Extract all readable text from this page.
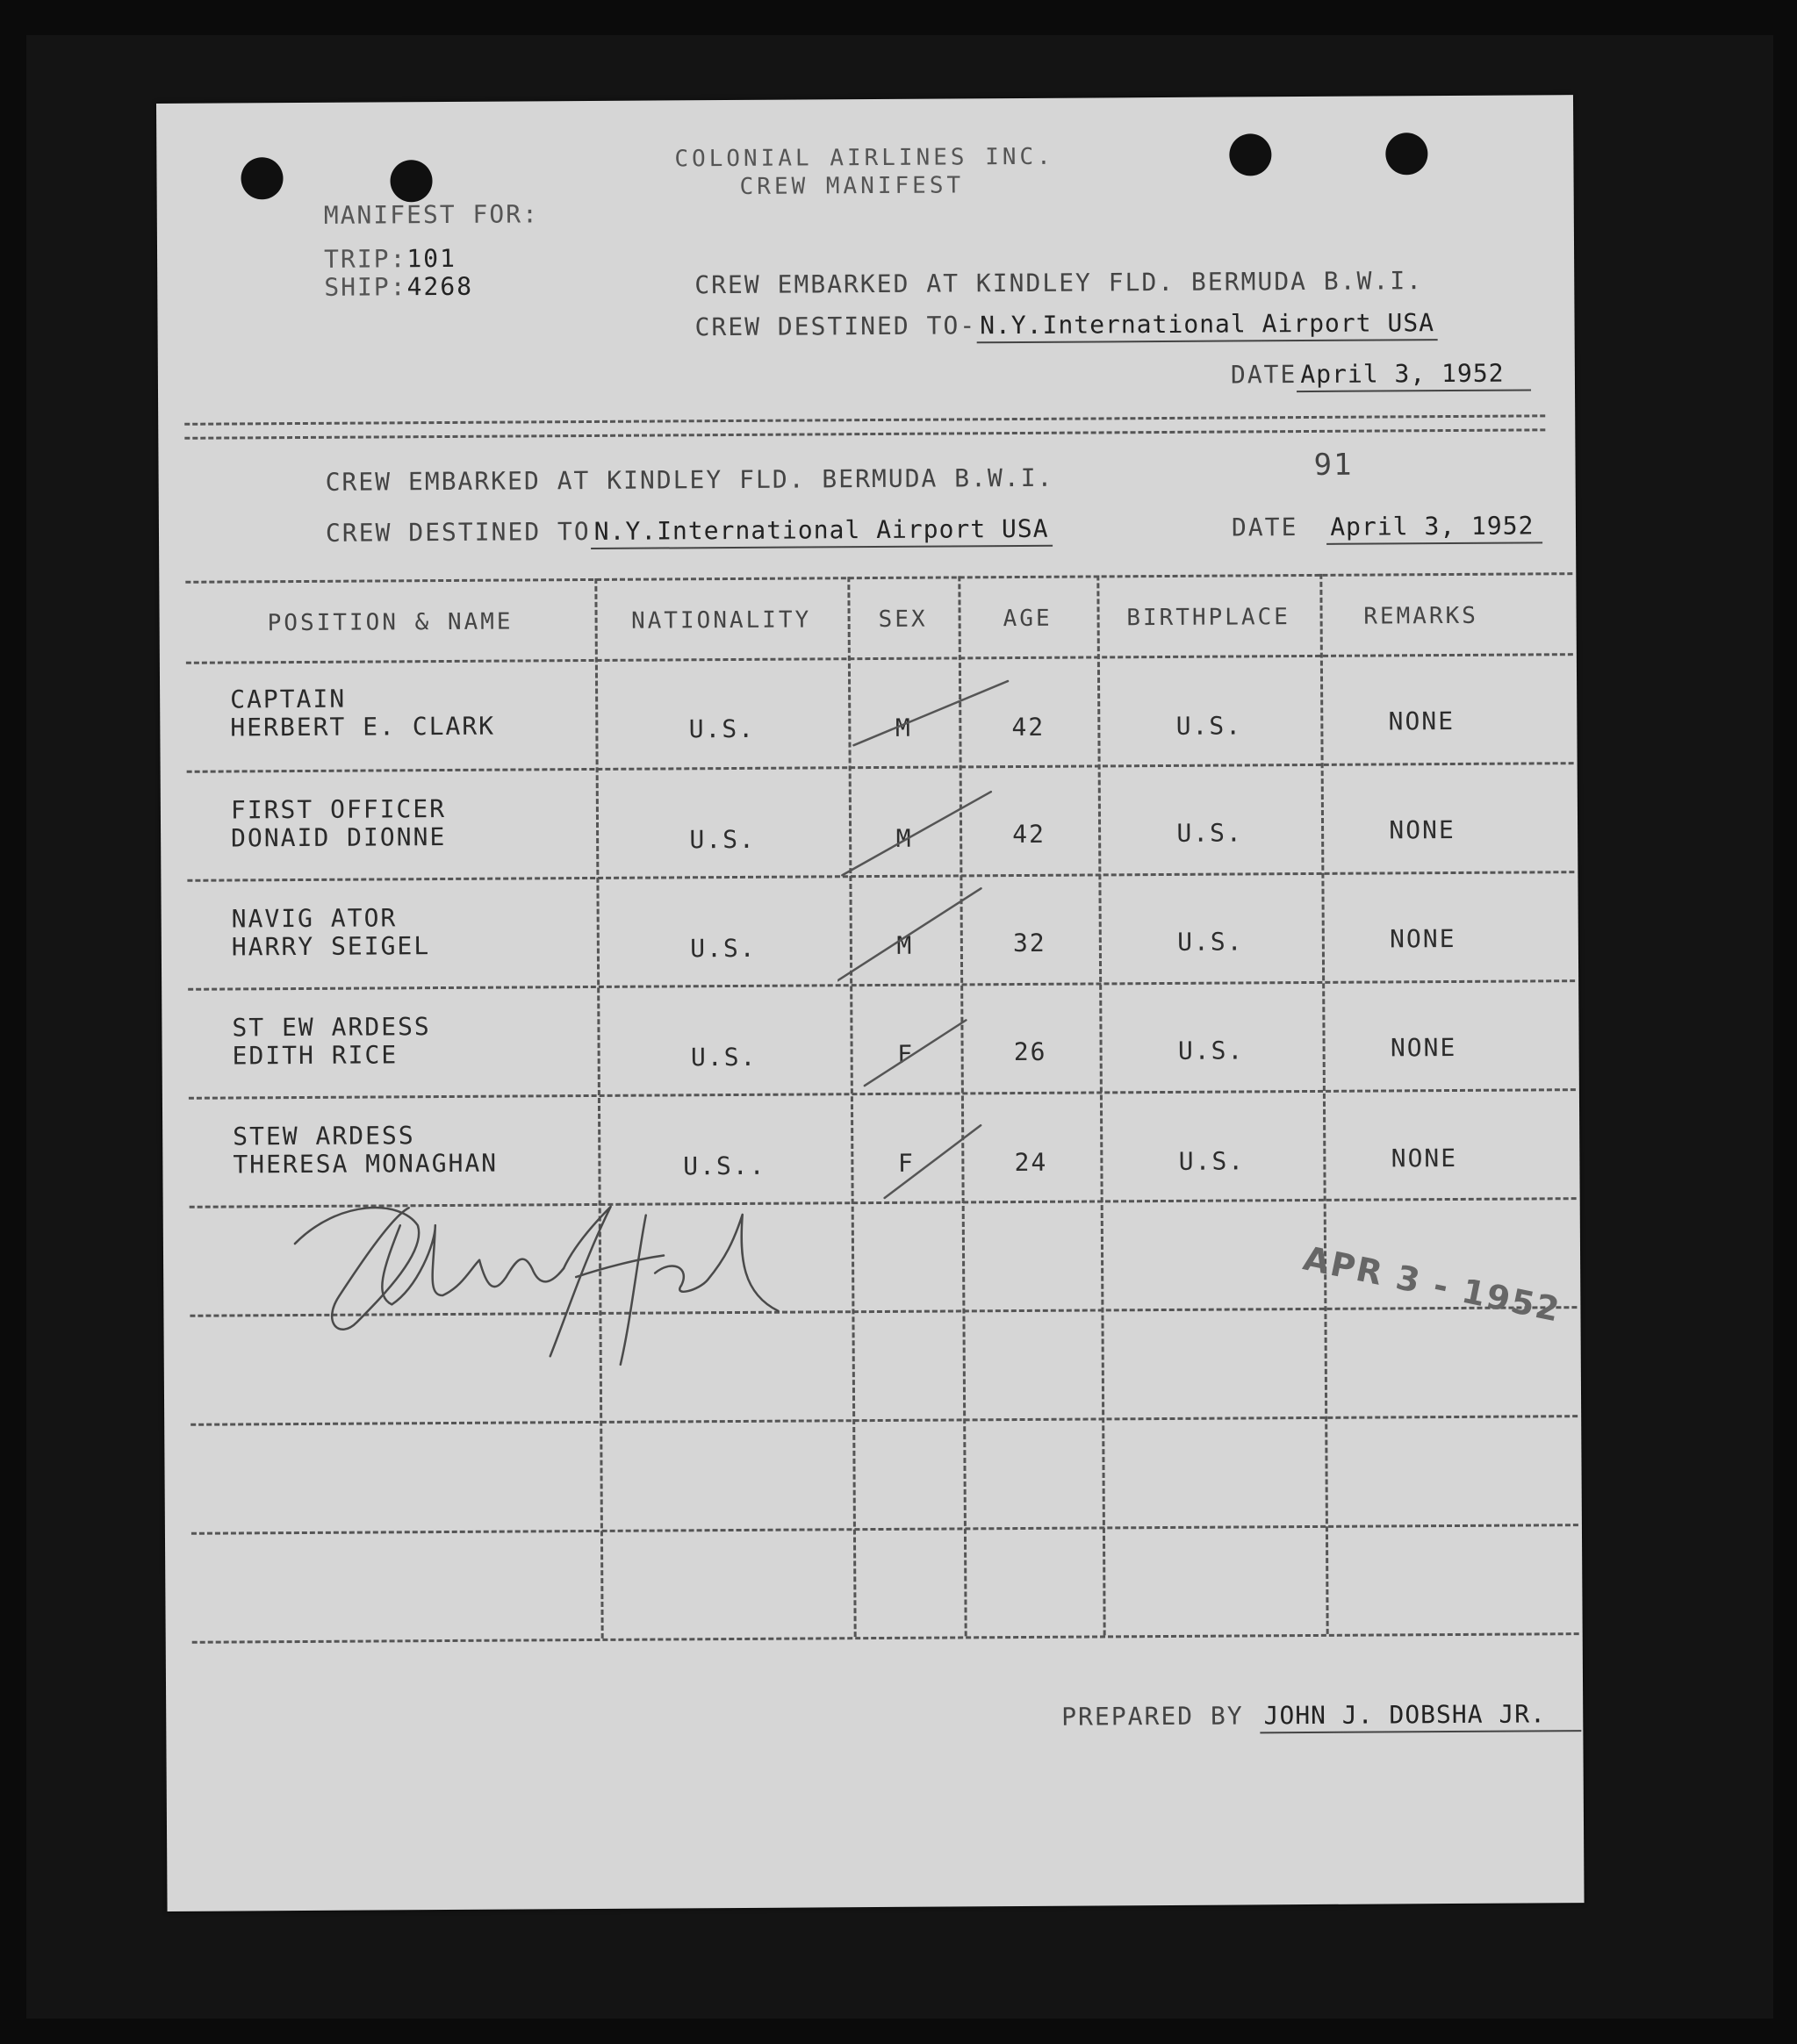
COLONIAL AIRLINES INC.
CREW MANIFEST
MANIFEST FOR:
TRIP:101
SHIP:4268	CREW EMBARKED AT KINDLEY FLD. BERMUDA B.W.I.
CREW DESTINED TO- N.Y.International Airport USA
DATE April 3, 1952
91
CREW EMBARKED AT KINDLEY FLD. BERMUDA B.W.I.
CREW DESTINED TO N.Y.International Airport USA	DATE April 3, 1952
POSITION & NAME	NATIONALITY	SEX	AGE	BIRTHPLACE	REMARKS
CAPTAIN
HERBERT E. CLARK	U.S.	M	42	U.S.	NONE
FIRST OFFICER
DONAID DIONNE	U.S.	M	42	U.S.	NONE
NAVIG ATOR
HARRY SEIGEL	U.S.	M	32	U.S.	NONE
ST EW ARDESS
EDITH RICE	U.S.	F	26	U.S.	NONE
STEW ARDESS
THERESA MONAGHAN	U.S..	F	24	U.S.	NONE
APR 3 - 1952
PREPARED BY JOHN J. DOBSHA JR.
